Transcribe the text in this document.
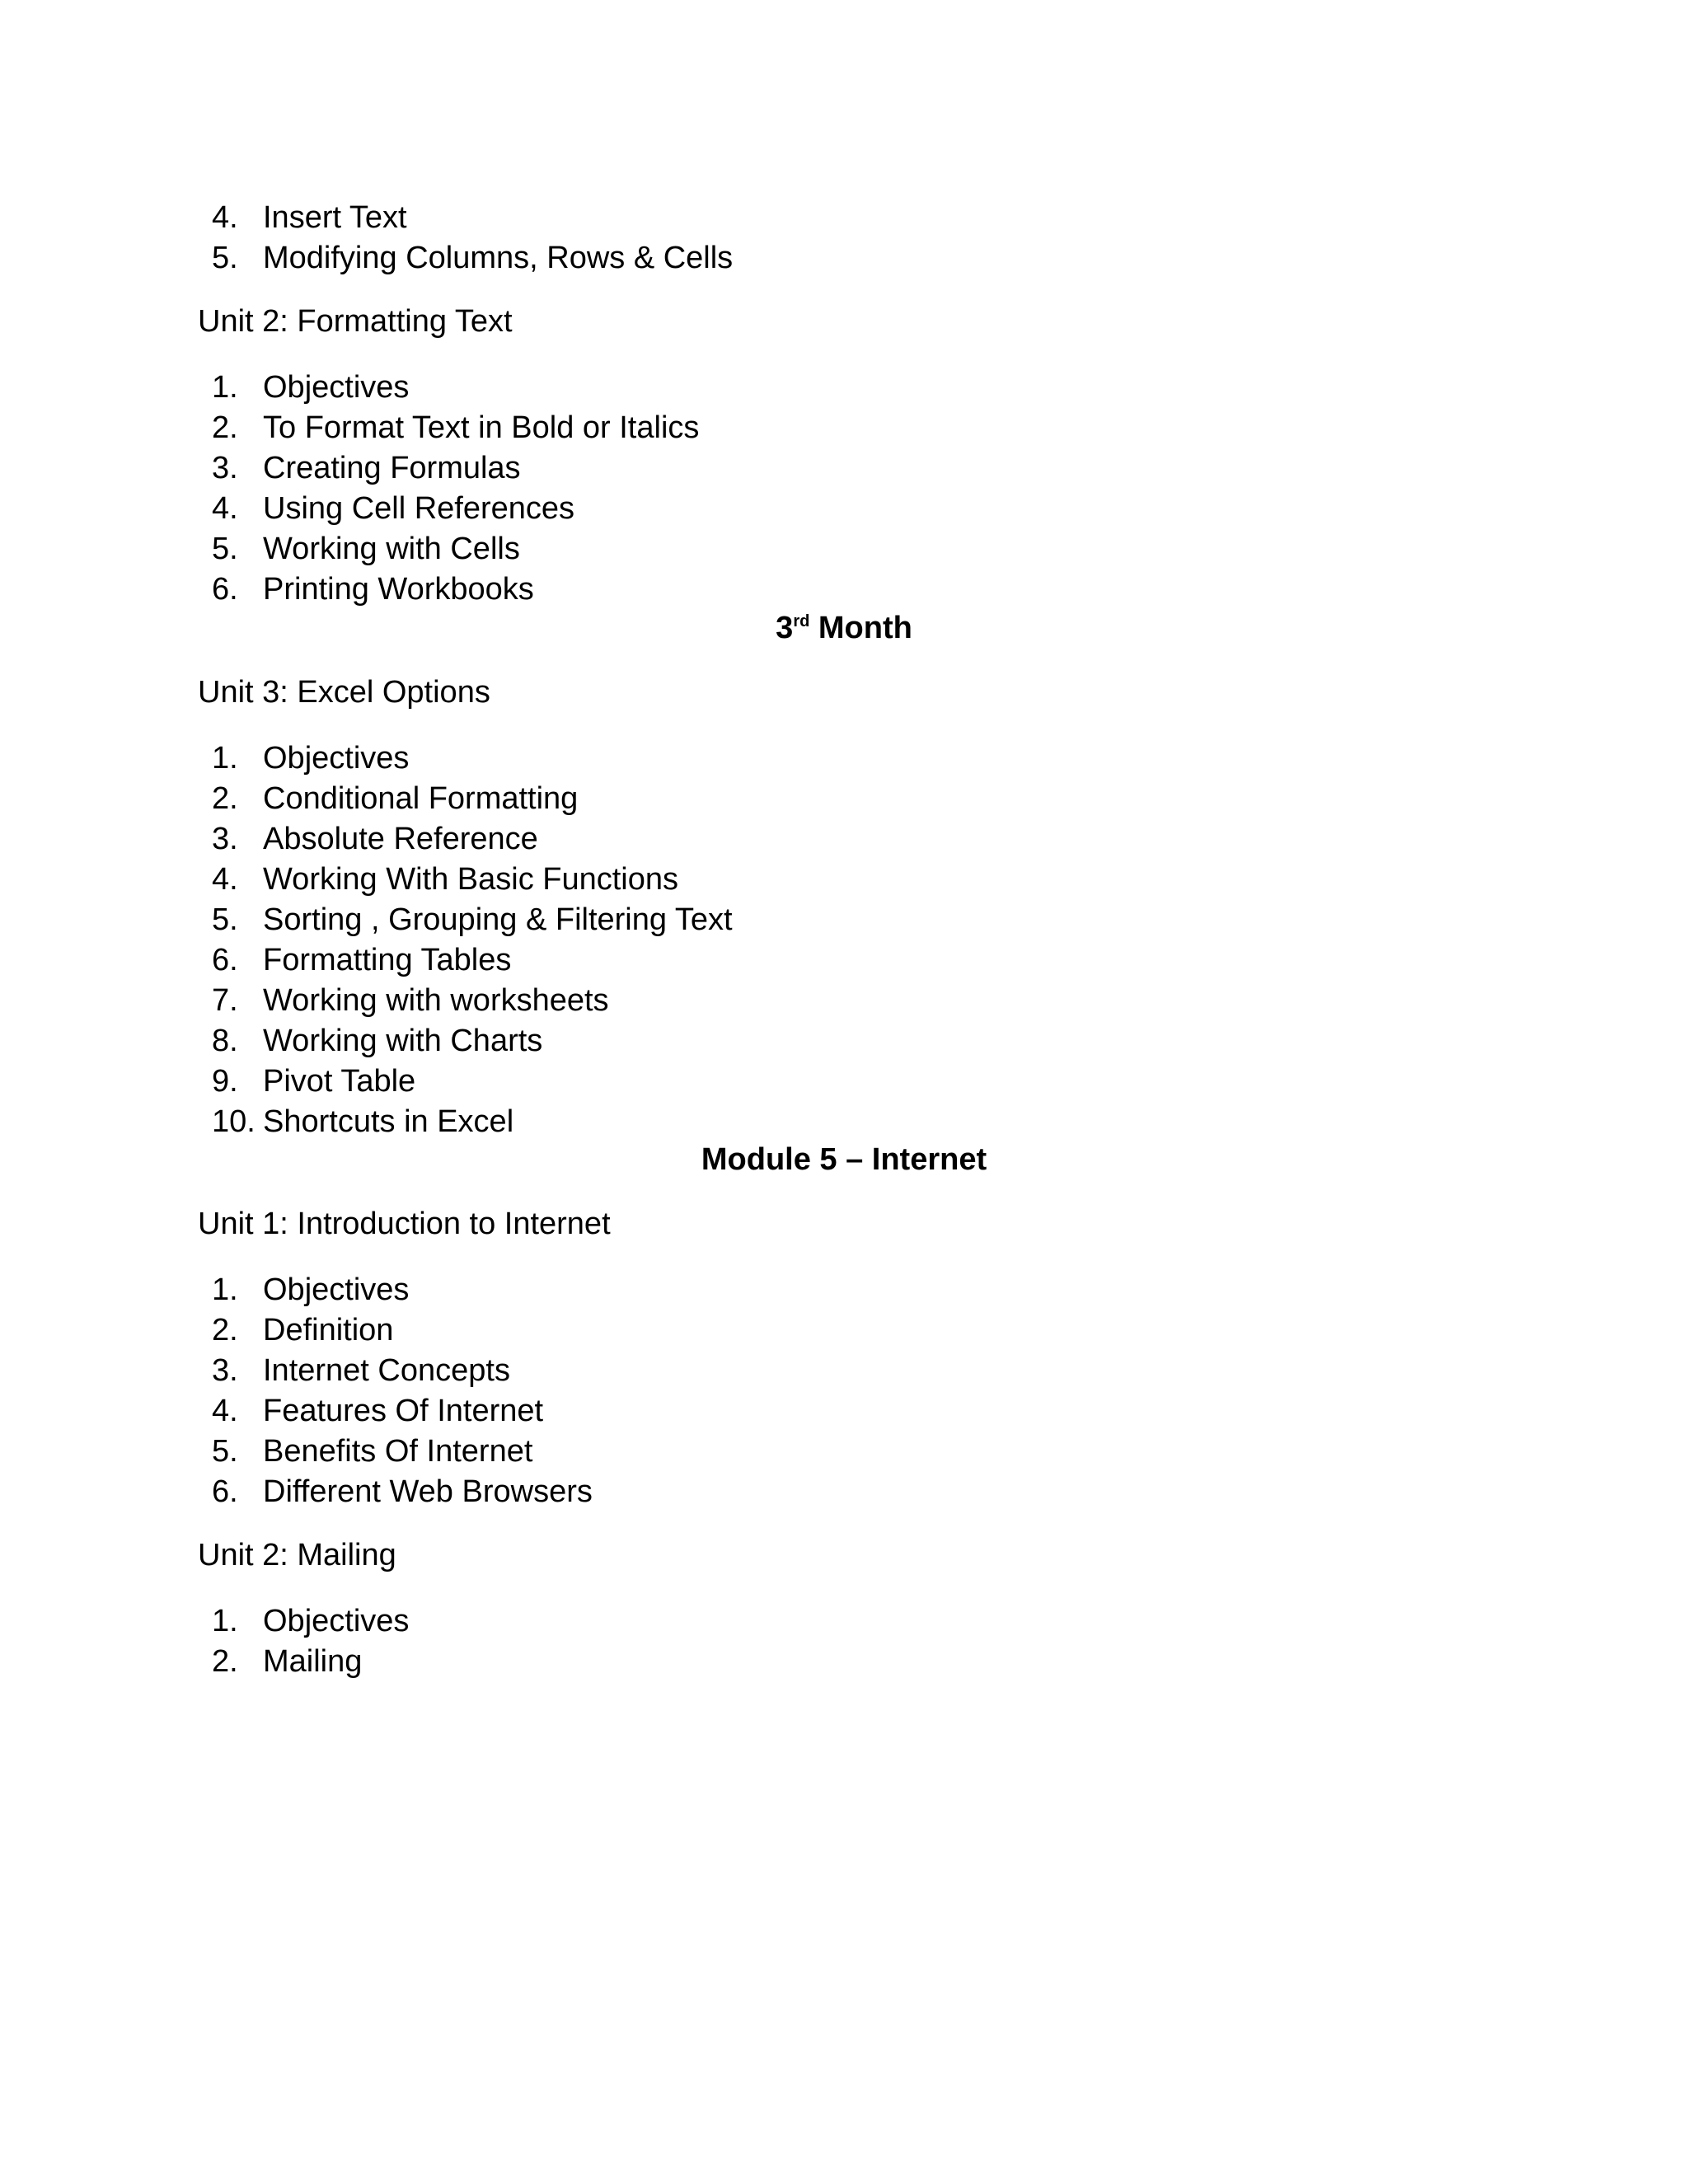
4. Insert Text
5. Modifying Columns, Rows & Cells
Unit 2: Formatting Text
1. Objectives
2. To Format Text in Bold or Italics
3. Creating Formulas
4. Using Cell References
5. Working with Cells
6. Printing Workbooks
3rd Month
Unit 3: Excel Options
1. Objectives
2. Conditional Formatting
3. Absolute Reference
4. Working With Basic Functions
5. Sorting , Grouping & Filtering Text
6. Formatting Tables
7. Working with worksheets
8. Working with Charts
9. Pivot Table
10. Shortcuts in Excel
Module 5 – Internet
Unit 1: Introduction to Internet
1. Objectives
2. Definition
3. Internet Concepts
4. Features Of Internet
5. Benefits Of Internet
6. Different Web Browsers
Unit 2: Mailing
1. Objectives
2. Mailing
